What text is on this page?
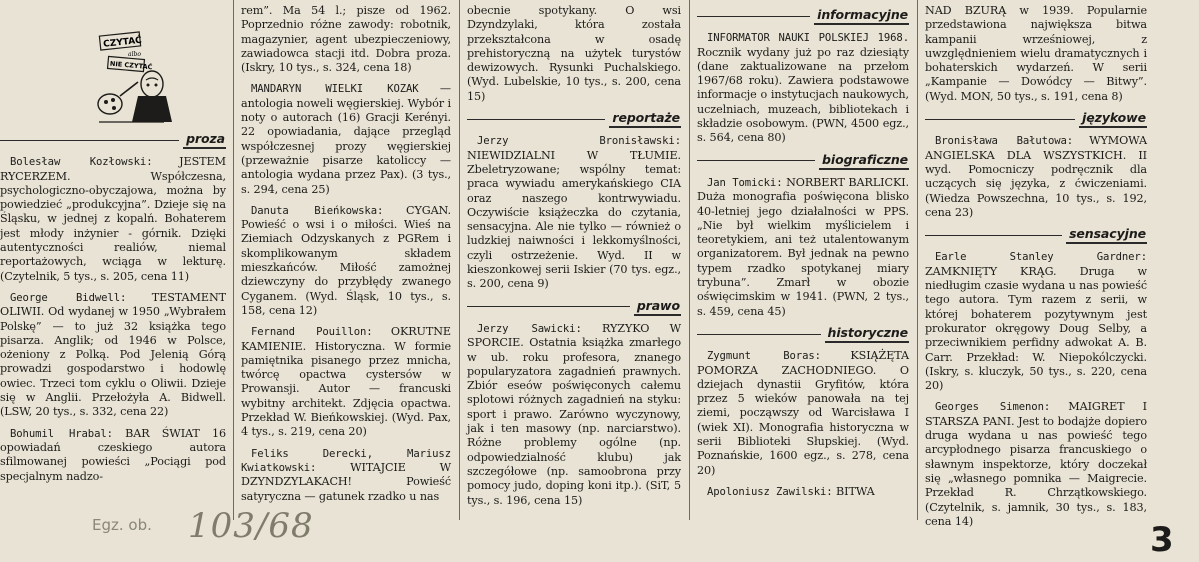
CZYTAĆ
albo
NIE CZYTAĆ
proza

Bolesław Kozłowski: JESTEM RYCERZEM. Współczesna, psychologiczno-obyczajowa, można by powiedzieć „produkcyjna”. Dzieje się na Śląsku, w jednej z kopalń. Bohaterem jest młody inżynier - górnik. Dzięki autentyczności realiów, niemal reportażowych, wciąga w lekturę. (Czytelnik, 5 tys., s. 205, cena 11)

George Bidwell: TESTAMENT OLIWII. Od wydanej w 1950 „Wybrałem Polskę” — to już 32 książka tego pisarza. Anglik; od 1946 w Polsce, ożeniony z Polką. Pod Jelenią Górą prowadzi gospodarstwo i hodowlę owiec. Trzeci tom cyklu o Oliwii. Dzieje się w Anglii. Przełożyła A. Bidwell. (LSW, 20 tys., s. 332, cena 22)

Bohumil Hrabal: BAR ŚWIAT 16 opowiadań czeskiego autora sfilmowanej powieści „Pociągi pod specjalnym nadzo-

rem”. Ma 54 l.; pisze od 1962. Poprzednio różne zawody: robotnik, magazynier, agent ubezpieczeniowy, zawiadowca stacji itd. Dobra proza. (Iskry, 10 tys., s. 324, cena 18)

MANDARYN WIELKI KOZAK — antologia noweli węgierskiej. Wybór i noty o autorach (16) Gracji Kerényi. 22 opowiadania, dające przegląd współczesnej prozy węgierskiej (przeważnie pisarze katoliccy — antologia wydana przez Pax). (3 tys., s. 294, cena 25)

Danuta Bieńkowska: CYGAN. Powieść o wsi i o miłości. Wieś na Ziemiach Odzyskanych z PGRem i skomplikowanym składem mieszkańców. Miłość zamożnej dziewczyny do przybłędy zwanego Cyganem. (Wyd. Śląsk, 10 tys., s. 158, cena 12)

Fernand Pouillon: OKRUTNE KAMIENIE. Historyczna. W formie pamiętnika pisanego przez mnicha, twórcę opactwa cystersów w Prowansji. Autor — francuski wybitny architekt. Zdjęcia opactwa. Przekład W. Bieńkowskiej. (Wyd. Pax, 4 tys., s. 219, cena 20)

Feliks Derecki, Mariusz Kwiatkowski:	WITAJCIE W DZYNDZYLAKACH! Powieść satyryczna — gatunek rzadko u nas

obecnie spotykany. O wsi Dzyndzylaki, która została przekształcona w osadę prehistoryczną na użytek turystów dewizowych. Rysunki Puchalskiego. (Wyd. Lubelskie, 10 tys., s. 200, cena 15)

reportaże

Jerzy Bronisławski: NIEWIDZIALNI W TŁUMIE. Zbeletryzowane; wspólny temat: praca wywiadu amerykańskiego CIA oraz naszego kontrwywiadu. Oczywiście książeczka do czytania, sensacyjna. Ale nie tylko — również o ludzkiej naiwności i lekkomyślności, czyli ostrzeżenie. Wyd. II w kieszonkowej serii Iskier (70 tys. egz., s. 200, cena 9)

prawo

Jerzy Sawicki: RYZYKO W SPORCIE. Ostatnia książka zmarłego w ub. roku profesora, znanego popularyzatora zagadnień prawnych. Zbiór eseów poświęconych całemu splotowi różnych zagadnień na styku: sport i prawo. Zarówno wyczynowy, jak i ten masowy (np. narciarstwo). Różne problemy ogólne (np. odpowiedzialność klubu) jak szczegółowe (np. samoobrona przy pomocy judo, doping koni itp.). (SiT, 5 tys., s. 196, cena 15)

informacyjne

INFORMATOR NAUKI POLSKIEJ 1968. Rocznik wydany już po raz dziesiąty (dane zaktualizowane na przełom 1967/68 roku). Zawiera podstawowe informacje o instytucjach naukowych, uczelniach, muzeach, bibliotekach i składzie osobowym. (PWN, 4500 egz., s. 564, cena 80)

biograficzne

Jan Tomicki: NORBERT BARLICKI. Duża monografia poświęcona blisko 40-letniej jego działalności w PPS. „Nie był wielkim myślicielem i teoretykiem, ani też utalentowanym organizatorem. Był jednak na pewno typem rzadko spotykanej miary trybuna”. Zmarł w obozie oświęcimskim w 1941. (PWN, 2 tys., s. 459, cena 45)

historyczne

Zygmunt Boras:	KSIĄŻĘTA POMORZA ZACHODNIEGO. O dziejach dynastii Gryfitów, która przez 5 wieków panowała na tej ziemi, począwszy od Warcisława I (wiek XI). Monografia historyczna w serii Biblioteki Słupskiej. (Wyd. Poznańskie, 1600 egz., s. 278, cena 20)

Apoloniusz Zawilski: BITWA

NAD BZURĄ w 1939. Popularnie przedstawiona największa bitwa kampanii wrześniowej, z uwzględnieniem wielu dramatycznych i bohaterskich wydarzeń. W serii „Kampanie — Dowódcy — Bitwy”. (Wyd. MON, 50 tys., s. 191, cena 8)

językowe

Bronisława Bałutowa: WYMOWA ANGIELSKA DLA WSZYSTKICH. II wyd. Pomocniczy podręcznik dla uczących się języka, z ćwiczeniami. (Wiedza Powszechna, 10 tys., s. 192, cena 23)

sensacyjne

Earle Stanley Gardner: ZAMKNIĘTY KRĄG. Druga w niedługim czasie wydana u nas powieść tego autora. Tym razem z serii, w której bohaterem pozytywnym jest prokurator okręgowy Doug Selby, a przeciwnikiem perfidny adwokat A. B. Carr. Przekład: W. Niepokólczycki. (Iskry, s. kluczyk, 50 tys., s. 220, cena 20)

Georges Simenon: MAIGRET I STARSZA PANI. Jest to bodajże dopiero druga wydana u nas powieść tego arcypłodnego pisarza francuskiego o sławnym inspektorze, który doczekał się „własnego pomnika — Maigrecie. Przekład R. Chrzątkowskiego. (Czytelnik, s. jamnik, 30 tys., s. 183, cena 14)

Egz. ob. 103/68	3
